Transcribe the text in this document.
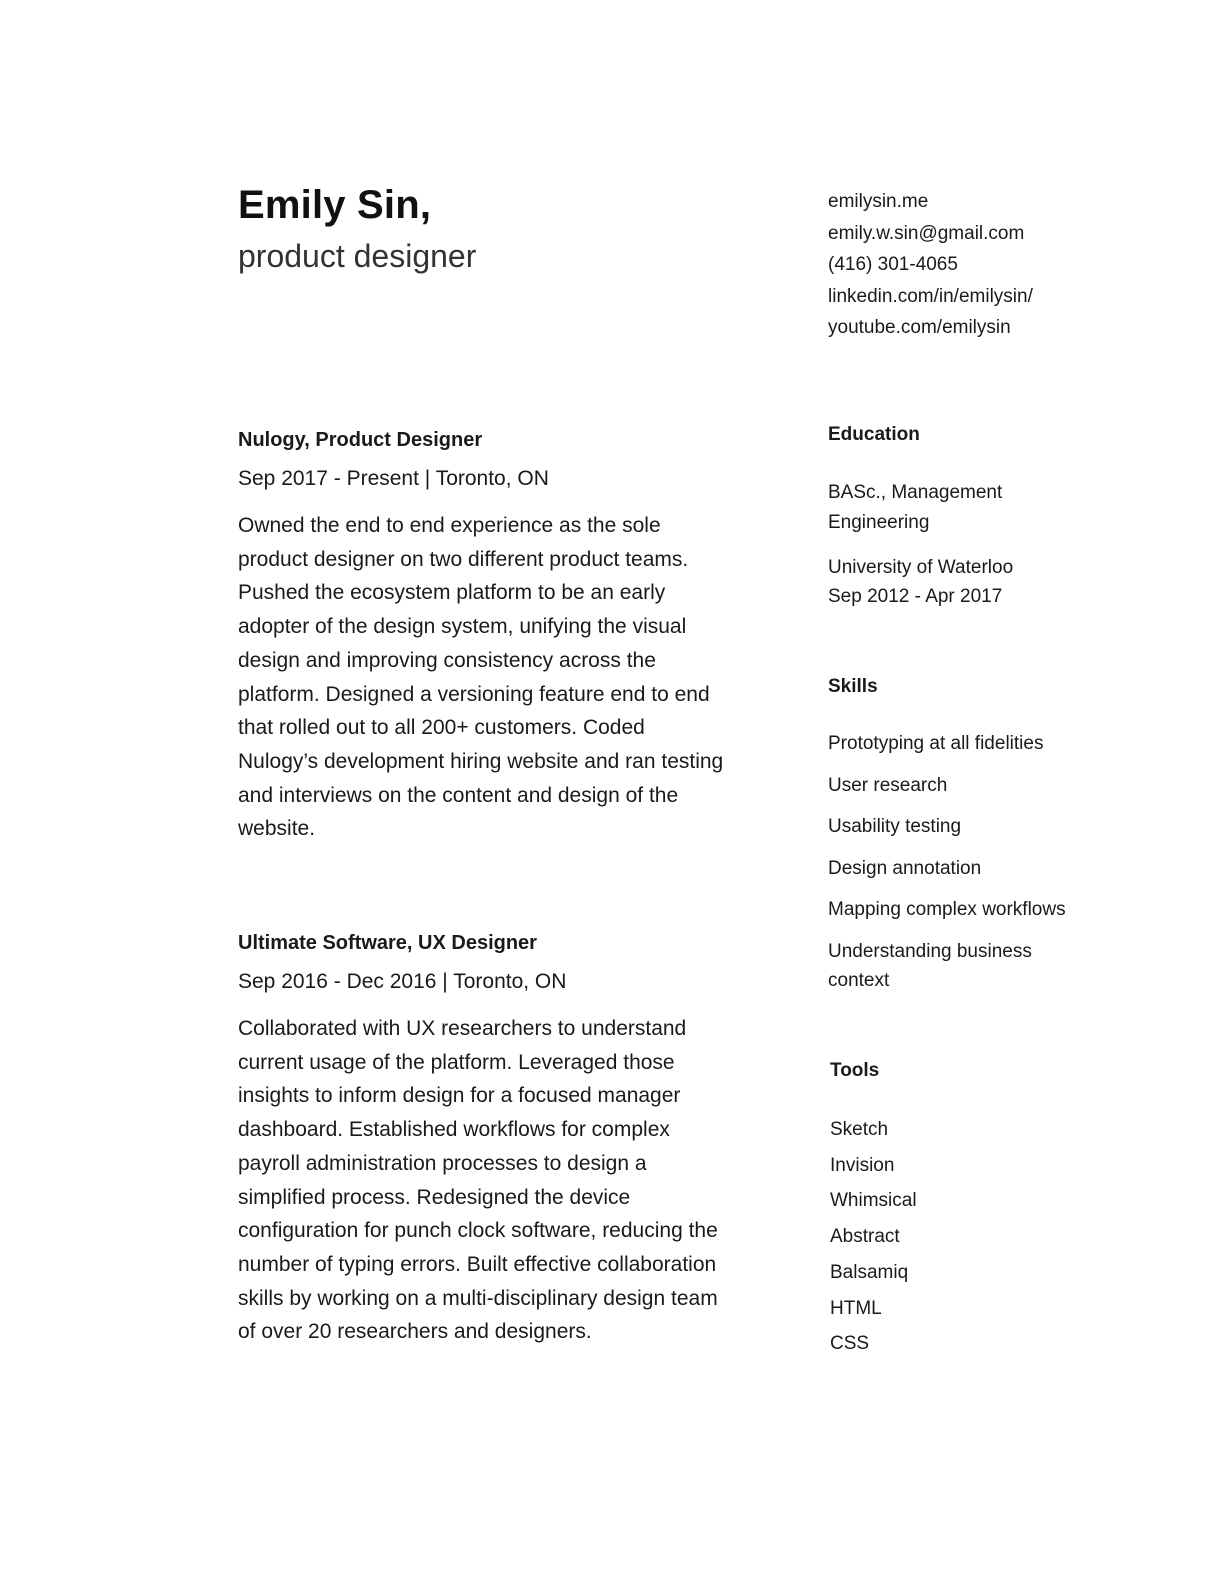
Emily Sin,
product designer
emilysin.me
emily.w.sin@gmail.com
(416) 301-4065
linkedin.com/in/emilysin/
youtube.com/emilysin
Nulogy, Product Designer
Sep 2017 - Present | Toronto, ON
Owned the end to end experience as the sole product designer on two different product teams. Pushed the ecosystem platform to be an early adopter of the design system, unifying the visual design and improving consistency across the platform. Designed a versioning feature end to end that rolled out to all 200+ customers. Coded Nulogy’s development hiring website and ran testing and interviews on the content and design of the website.
Ultimate Software, UX Designer
Sep 2016 - Dec 2016 | Toronto, ON
Collaborated with UX researchers to understand current usage of the platform. Leveraged those insights to inform design for a focused manager dashboard. Established workflows for complex payroll administration processes to design a simplified process. Redesigned the device configuration for punch clock software, reducing the number of typing errors. Built effective collaboration skills by working on a multi-disciplinary design team of over 20 researchers and designers.
Education
BASc., Management Engineering
University of Waterloo
Sep 2012 - Apr 2017
Skills
Prototyping at all fidelities
User research
Usability testing
Design annotation
Mapping complex workflows
Understanding business context
Tools
Sketch
Invision
Whimsical
Abstract
Balsamiq
HTML
CSS
